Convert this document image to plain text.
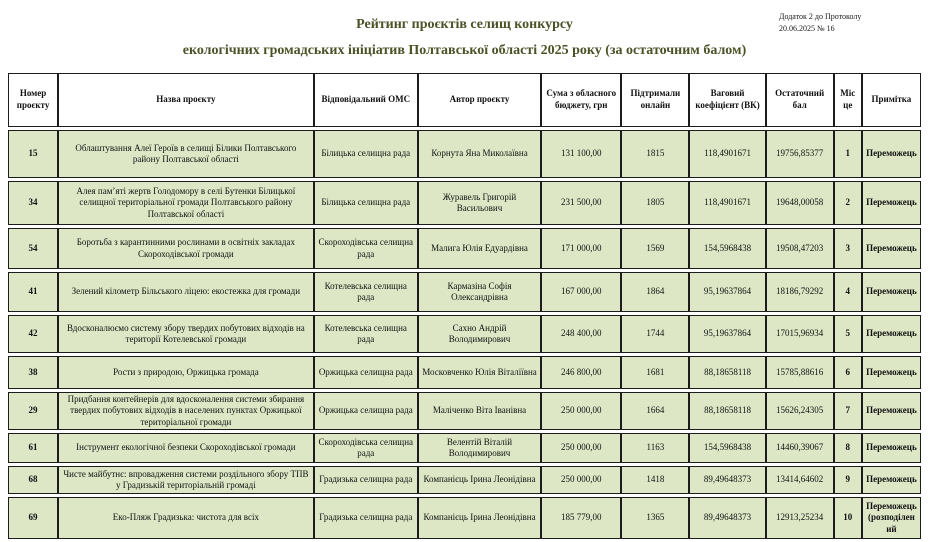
Додаток 2 до Протоколу
20.06.2025 № 16
Рейтинг проєктів селищ конкурсу
екологічних громадських ініціатив Полтавської області 2025 року (за остаточним балом)
Номер проєкту	Назва проєкту	Відповідальний ОМС	Автор проєкту	Сума з обласного бюджету, грн	Підтримали онлайн	Ваговий коефіцієнт (ВК)	Остаточний бал	Місце	Примітка
15	Облаштування Алеї Героїв в селищі Білики Полтавського району Полтавської області	Білицька селищна рада	Корнута Яна Миколаївна	131 100,00	1815	118,4901671	19756,85377	1	Переможець
34	Алея пам’яті жертв Голодомору в селі Бутенки Білицької селищної територіальної громади Полтавського району Полтавської області	Білицька селищна рада	Журавель Григорій Васильович	231 500,00	1805	118,4901671	19648,00058	2	Переможець
54	Боротьба з карантинними рослинами в освітніх закладах Скороходівської громади	Скороходівська селищна рада	Малига Юлія Едуардівна	171 000,00	1569	154,5968438	19508,47203	3	Переможець
41	Зелений кілометр Більського ліцею: екостежка для громади	Котелевська селищна рада	Кармазіна Софія Олександрівна	167 000,00	1864	95,19637864	18186,79292	4	Переможець
42	Вдосконалюємо систему збору твердих побутових відходів на території Котелевської громади	Котелевська селищна рада	Сахно Андрій Володимирович	248 400,00	1744	95,19637864	17015,96934	5	Переможець
38	Рости з природою, Оржицька громада	Оржицька селищна рада	Московченко Юлія Віталіївна	246 800,00	1681	88,18658118	15785,88616	6	Переможець
29	Придбання контейнерів для вдосконалення системи збирання твердих побутових відходів в населених пунктах Оржицької територіальної громади	Оржицька селищна рада	Маліченко Віта Іванівна	250 000,00	1664	88,18658118	15626,24305	7	Переможець
61	Інструмент екологічної безпеки Скороходівської громади	Скороходівська селищна рада	Велентій Віталій Володимирович	250 000,00	1163	154,5968438	14460,39067	8	Переможець
68	Чисте майбутнє: впровадження системи роздільного збору ТПВ у Градизькій територіальній громаді	Градизька селищна рада	Компанієць Ірина Леонідівна	250 000,00	1418	89,49648373	13414,64602	9	Переможець
69	Еко-Пляж Градизька: чистота для всіх	Градизька селищна рада	Компанієць Ірина Леонідівна	185 779,00	1365	89,49648373	12913,25234	10	Переможець (розподілений
